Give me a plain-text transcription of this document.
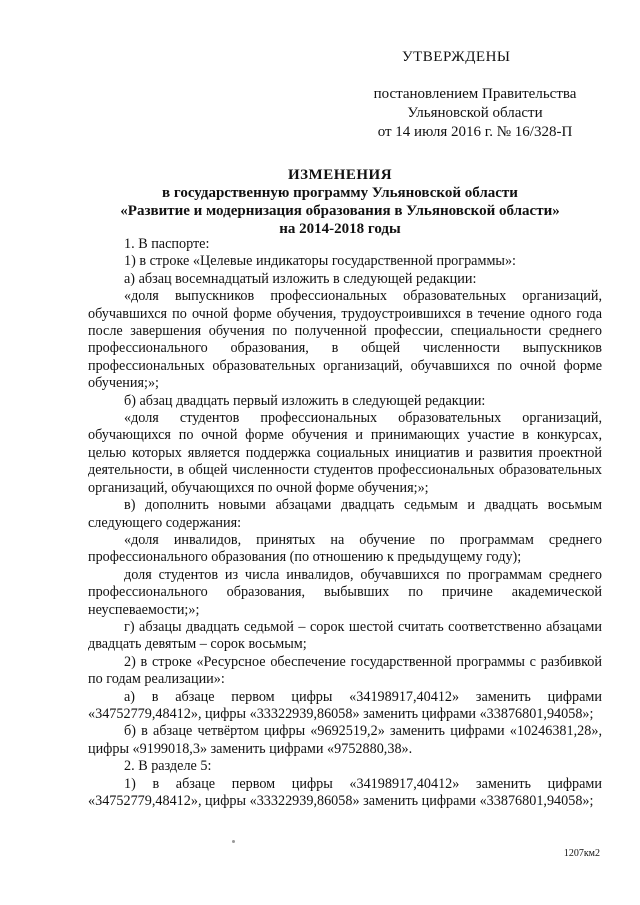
УТВЕРЖДЕНЫ
постановлением Правительства
Ульяновской области
от 14 июля 2016 г. № 16/328-П
ИЗМЕНЕНИЯ
в государственную программу Ульяновской области
«Развитие и модернизация образования в Ульяновской области»
на 2014-2018 годы

1. В паспорте:

1) в строке «Целевые индикаторы государственной программы»:

а) абзац восемнадцатый изложить в следующей редакции:

«доля выпускников профессиональных образовательных организаций, обучавшихся по очной форме обучения, трудоустроившихся в течение одного года после завершения обучения по полученной профессии, специальности среднего профессионального образования, в общей численности выпускников профессиональных образовательных организаций, обучавшихся по очной форме обучения;»;

б) абзац двадцать первый изложить в следующей редакции:

«доля студентов профессиональных образовательных организаций, обучающихся по очной форме обучения и принимающих участие в конкурсах, целью которых является поддержка социальных инициатив и развития проектной деятельности, в общей численности студентов профессиональных образовательных организаций, обучающихся по очной форме обучения;»;

в) дополнить новыми абзацами двадцать седьмым и двадцать восьмым следующего содержания:

«доля инвалидов, принятых на обучение по программам среднего профессионального образования (по отношению к предыдущему году);

доля студентов из числа инвалидов, обучавшихся по программам среднего профессионального образования, выбывших по причине академической неуспеваемости;»;

г) абзацы двадцать седьмой – сорок шестой считать соответственно абзацами двадцать девятым – сорок восьмым;

2) в строке «Ресурсное обеспечение государственной программы с разбивкой по годам реализации»:

а) в абзаце первом цифры «34198917,40412» заменить цифрами «34752779,48412», цифры «33322939,86058» заменить цифрами «33876801,94058»;

б) в абзаце четвёртом цифры «9692519,2» заменить цифрами «10246381,28», цифры «9199018,3» заменить цифрами «9752880,38».

2. В разделе 5:

1) в абзаце первом цифры «34198917,40412» заменить цифрами «34752779,48412», цифры «33322939,86058» заменить цифрами «33876801,94058»;

1207км2
